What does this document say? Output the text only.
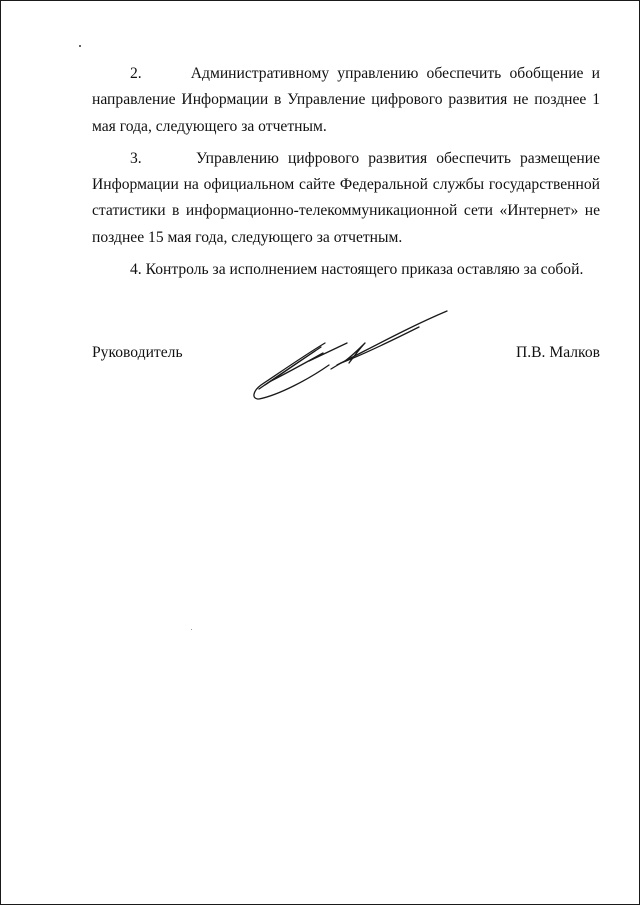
2.      Административному управлению обеспечить обобщение и направление Информации в Управление цифрового развития не позднее 1 мая года, следующего за отчетным.

3.      Управлению цифрового развития обеспечить размещение Информации на официальном сайте Федеральной службы государственной статистики в информационно-телекоммуникационной сети «Интернет» не позднее 15 мая года, следующего за отчетным.

4. Контроль за исполнением настоящего приказа оставляю за собой.

Руководитель	П.В. Малков
